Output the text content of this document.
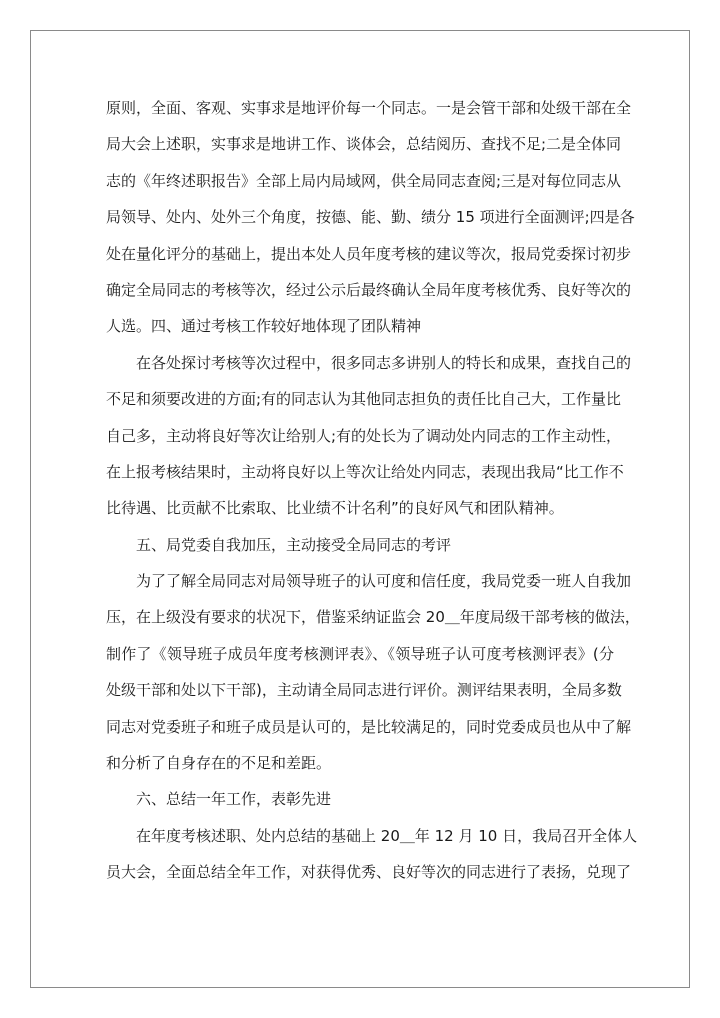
原则，全面、客观、实事求是地评价每一个同志。一是会管干部和处级干部在全
局大会上述职，实事求是地讲工作、谈体会，总结阅历、查找不足;二是全体同
志的《年终述职报告》全部上局内局域网，供全局同志查阅;三是对每位同志从
局领导、处内、处外三个角度，按德、能、勤、绩分 15 项进行全面测评;四是各
处在量化评分的基础上，提出本处人员年度考核的建议等次，报局党委探讨初步
确定全局同志的考核等次，经过公示后最终确认全局年度考核优秀、良好等次的
人选。四、通过考核工作较好地体现了团队精神
在各处探讨考核等次过程中，很多同志多讲别人的特长和成果，查找自己的
不足和须要改进的方面;有的同志认为其他同志担负的责任比自己大，工作量比
自己多，主动将良好等次让给别人;有的处长为了调动处内同志的工作主动性，
在上报考核结果时，主动将良好以上等次让给处内同志，表现出我局“比工作不
比待遇、比贡献不比索取、比业绩不计名利”的良好风气和团队精神。
五、局党委自我加压，主动接受全局同志的考评
为了了解全局同志对局领导班子的认可度和信任度，我局党委一班人自我加
压，在上级没有要求的状况下，借鉴采纳证监会 20＿年度局级干部考核的做法，
制作了《领导班子成员年度考核测评表》、《领导班子认可度考核测评表》(分
处级干部和处以下干部)，主动请全局同志进行评价。测评结果表明，全局多数
同志对党委班子和班子成员是认可的，是比较满足的，同时党委成员也从中了解
和分析了自身存在的不足和差距。
六、总结一年工作，表彰先进
在年度考核述职、处内总结的基础上 20＿年 12 月 10 日，我局召开全体人
员大会，全面总结全年工作，对获得优秀、良好等次的同志进行了表扬，兑现了
